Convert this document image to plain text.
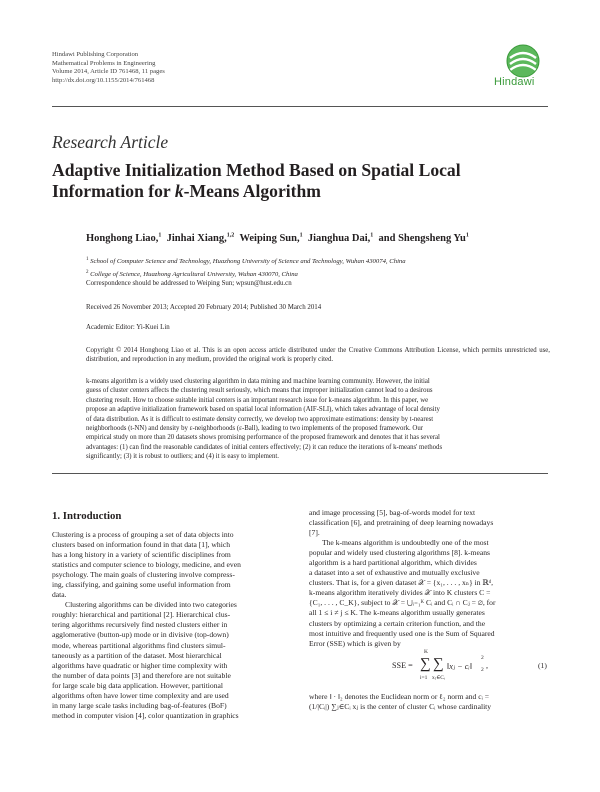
Hindawi Publishing Corporation
Mathematical Problems in Engineering
Volume 2014, Article ID 761468, 11 pages
http://dx.doi.org/10.1155/2014/761468	Hindawi
Research Article
Adaptive Initialization Method Based on Spatial Local
Information for k-Means Algorithm
Honghong Liao,$^1$ Jinhai Xiang,$^{1,2}$ Weiping Sun,$^1$ Jianghua Dai,$^1$ and Shengsheng Yu$^1$
$^1$ School of Computer Science and Technology, Huazhong University of Science and Technology, Wuhan 430074, China
$^2$ College of Science, Huazhong Agricultural University, Wuhan 430070, China
Correspondence should be addressed to Weiping Sun; wpsun@hust.edu.cn
Received 26 November 2013; Accepted 20 February 2014; Published 30 March 2014
Academic Editor: Yi-Kuei Lin
Copyright © 2014 Honghong Liao et al. This is an open access article distributed under the Creative Commons Attribution License, which permits unrestricted use, distribution, and reproduction in any medium, provided the original work is properly cited.
k-means algorithm is a widely used clustering algorithm in data mining and machine learning community. However, the initial
guess of cluster centers affects the clustering result seriously, which means that improper initialization cannot lead to a desirous
clustering result. How to choose suitable initial centers is an important research issue for k-means algorithm. In this paper, we
propose an adaptive initialization framework based on spatial local information (AIF-SLI), which takes advantage of local density
of data distribution. As it is difficult to estimate density correctly, we develop two approximate estimations: density by t-nearest
neighborhoods (t-NN) and density by ε-neighborhoods (ε-Ball), leading to two implements of the proposed framework. Our
empirical study on more than 20 datasets shows promising performance of the proposed framework and denotes that it has several
advantages: (1) can find the reasonable candidates of initial centers effectively; (2) it can reduce the iterations of k-means' methods
significantly; (3) it is robust to outliers; and (4) it is easy to implement.
1. Introduction

Clustering is a process of grouping a set of data objects into
clusters based on information found in that data [1], which
has a long history in a variety of scientific disciplines from
statistics and computer science to biology, medicine, and even
psychology. The main goals of clustering involve compress-
ing, classifying, and gaining some useful information from
data.

Clustering algorithms can be divided into two categories
roughly: hierarchical and partitional [2]. Hierarchical clus-
tering algorithms recursively find nested clusters either in
agglomerative (button-up) mode or in divisive (top-down)
mode, whereas partitional algorithms find clusters simul-
taneously as a partition of the dataset. Most hierarchical
algorithms have quadratic or higher time complexity with
the number of data points [3] and therefore are not suitable
for large scale big data application. However, partitional
algorithms often have lower time complexity and are used
in many large scale tasks including bag-of-features (BoF)
method in computer vision [4], color quantization in graphics

and image processing [5], bag-of-words model for text
classification [6], and pretraining of deep learning nowadays
[7].

The k-means algorithm is undoubtedly one of the most
popular and widely used clustering algorithms [8]. k-means
algorithm is a hard partitional algorithm, which divides
a dataset into a set of exhaustive and mutually exclusive
clusters. That is, for a given dataset 𝒳 = {x₁, . . . , xₙ} in ℝᵈ,
k-means algorithm iteratively divides 𝒳 into K clusters C =
{C₁, . . . , C_K}, subject to 𝒳 = ⋃ᵢ₌₁ᴷ Cᵢ and Cᵢ ∩ Cⱼ = ∅, for
all 1 ≤ i ≠ j ≤ K. The k-means algorithm usually generates
clusters by optimizing a certain criterion function, and the
most intuitive and frequently used one is the Sum of Squared
Error (SSE) which is given by

SSE =
K
∑
i=1
∑
xⱼ∈Cᵢ
‖xⱼ − cᵢ‖
2
2 ,	(1)
where ‖ · ‖₂ denotes the Euclidean norm or ℓ₂ norm and cᵢ =
(1/|Cᵢ|) ∑ⱼ∈Cᵢ xⱼ is the center of cluster Cᵢ whose cardinality
